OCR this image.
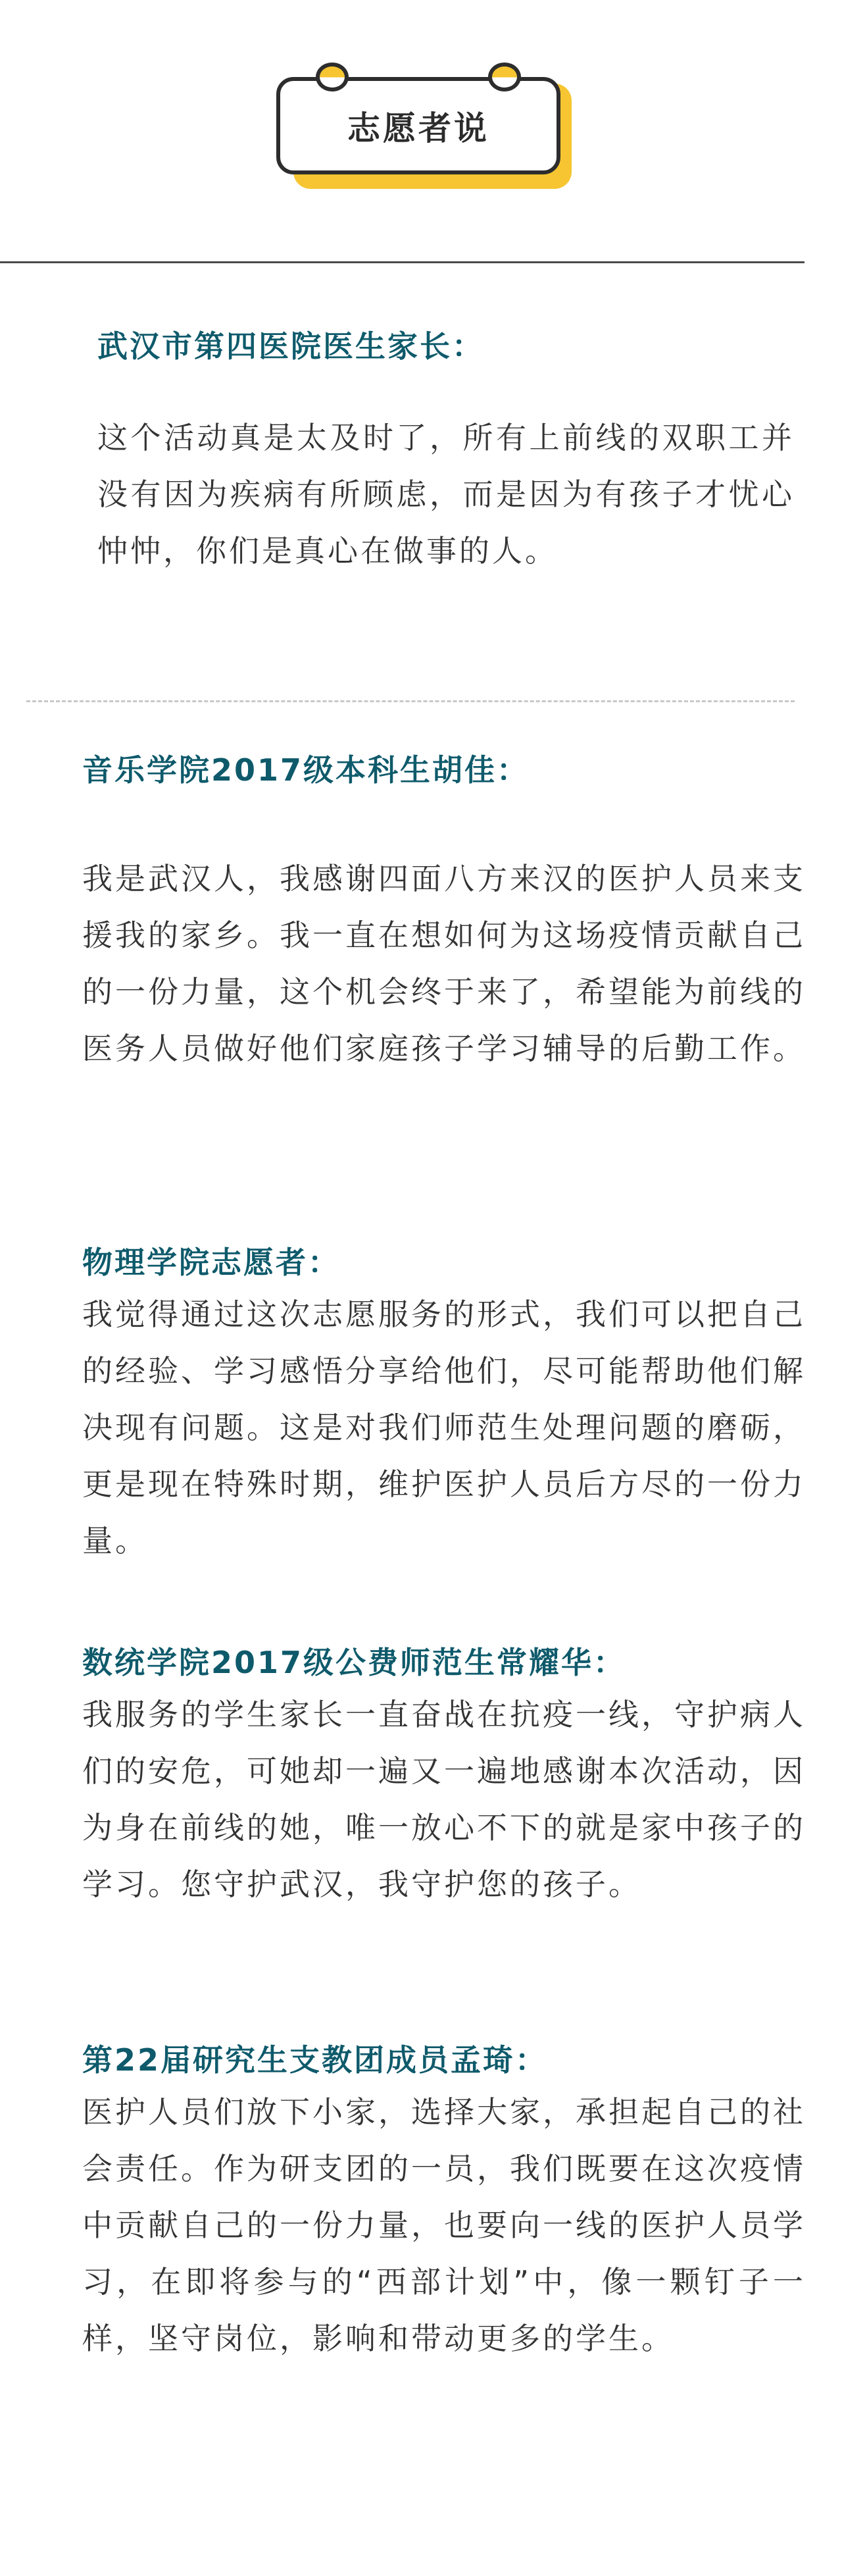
志愿者说
武汉市第四医院医生家长：

这个活动真是太及时了，所有上前线的双职工并没有因为疾病有所顾虑，而是因为有孩子才忧心忡忡，你们是真心在做事的人。

音乐学院2017级本科生胡佳：

我是武汉人，我感谢四面八方来汉的医护人员来支援我的家乡。我一直在想如何为这场疫情贡献自己的一份力量，这个机会终于来了，希望能为前线的医务人员做好他们家庭孩子学习辅导的后勤工作。

物理学院志愿者：

我觉得通过这次志愿服务的形式，我们可以把自己的经验、学习感悟分享给他们，尽可能帮助他们解决现有问题。这是对我们师范生处理问题的磨砺，更是现在特殊时期，维护医护人员后方尽的一份力量。

数统学院2017级公费师范生常耀华：

我服务的学生家长一直奋战在抗疫一线，守护病人们的安危，可她却一遍又一遍地感谢本次活动，因为身在前线的她，唯一放心不下的就是家中孩子的学习。您守护武汉，我守护您的孩子。

第22届研究生支教团成员孟琦：

医护人员们放下小家，选择大家，承担起自己的社会责任。作为研支团的一员，我们既要在这次疫情中贡献自己的一份力量，也要向一线的医护人员学习，在即将参与的“西部计划”中，像一颗钉子一样，坚守岗位，影响和带动更多的学生。
